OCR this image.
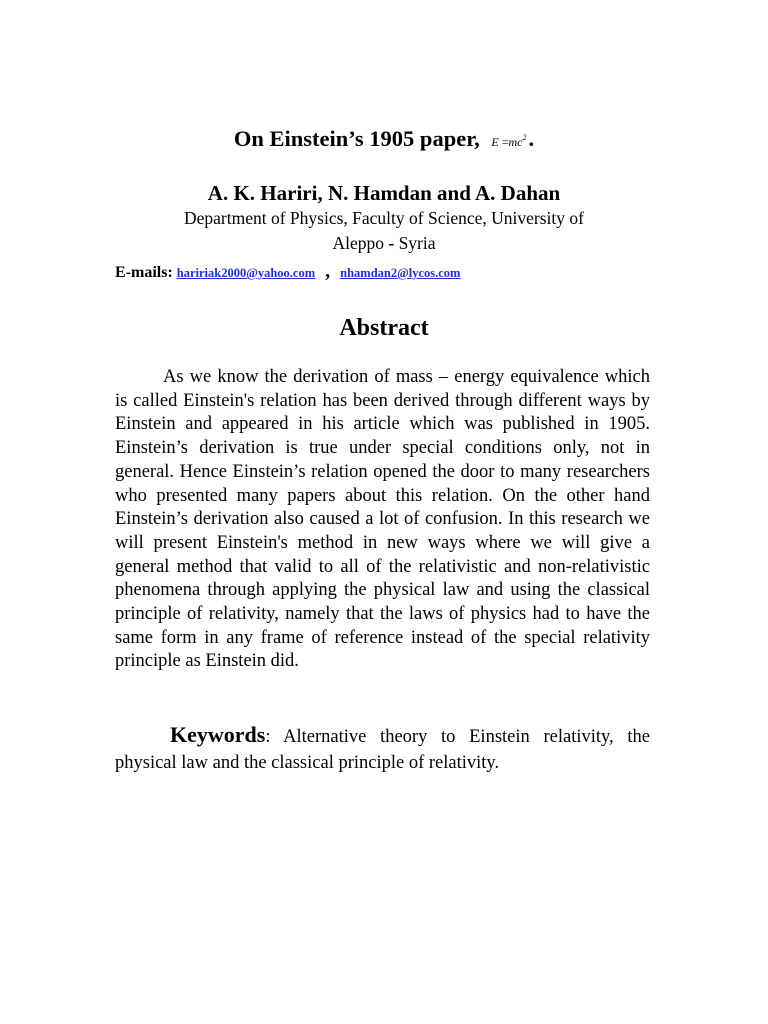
On Einstein’s 1905 paper, $E =mc^2$.
A. K. Hariri, N. Hamdan and A. Dahan
Department of Physics, Faculty of Science, University of
Aleppo - Syria
E-mails: haririak2000@yahoo.com , nhamdan2@lycos.com
Abstract
As we know the derivation of mass – energy equivalence which is called Einstein's relation has been derived through different ways by Einstein and appeared in his article which was published in 1905. Einstein’s derivation is true under special conditions only, not in general. Hence Einstein’s relation opened the door to many researchers who presented many papers about this relation. On the other hand Einstein’s derivation also caused a lot of confusion. In this research we will present Einstein's method in new ways where we will give a general method that valid to all of the relativistic and non-relativistic phenomena through applying the physical law and using the classical principle of relativity, namely that the laws of physics had to have the same form in any frame of reference instead of the special relativity principle as Einstein did.
Keywords: Alternative theory to Einstein relativity, the physical law and the classical principle of relativity.
